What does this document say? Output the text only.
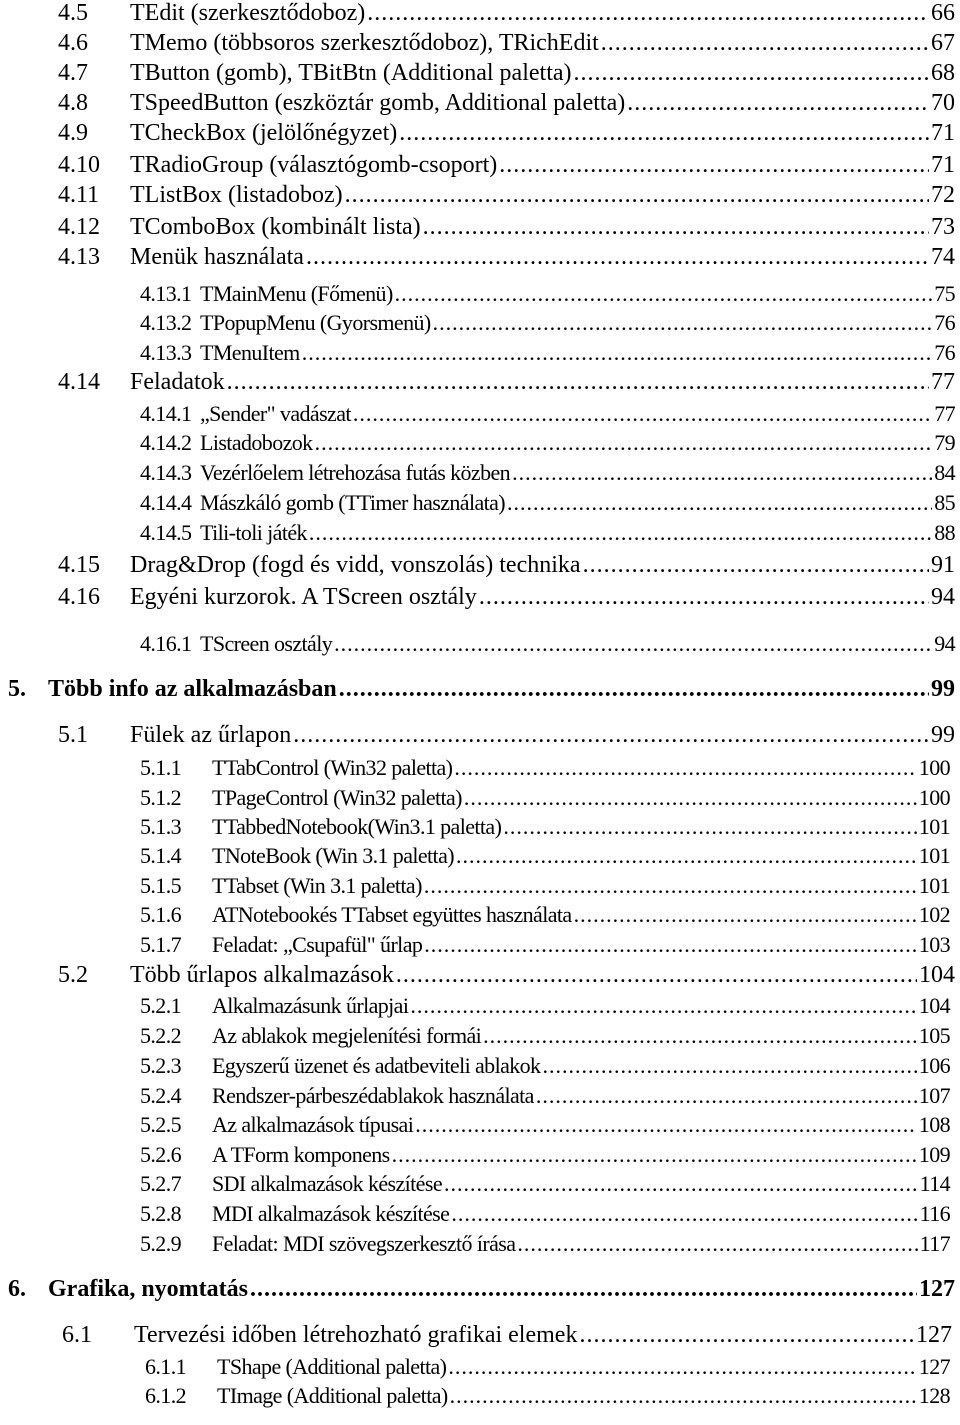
4.5	TEdit (szerkesztődoboz) .....	66
4.6	TMemo (többsoros szerkesztődoboz), TRichEdit .....	67
4.7	TButton (gomb), TBitBtn (Additional paletta) .....	68
4.8	TSpeedButton (eszköztár gomb, Additional paletta) .....	70
4.9	TCheckBox (jelölőnégyzet) .....	71
4.10	TRadioGroup (választógomb-csoport) .....	71
4.11	TListBox (listadoboz) .....	72
4.12	TComboBox (kombinált lista) .....	73
4.13	Menük használata .....	74
4.13.1 TMainMenu (Főmenü) .....	75
4.13.2 TPopupMenu (Gyorsmenü) .....	76
4.13.3 TMenuItem .....	76
4.14	Feladatok .....	77
4.14.1 „Sender" vadászat .....	77
4.14.2 Listadobozok .....	79
4.14.3 Vezérlőelem létrehozása futás közben .....	84
4.14.4 Mászkáló gomb (TTimer használata) .....	85
4.14.5 Tili-toli játék .....	88
4.15	Drag&Drop (fogd és vidd, vonszolás) technika .....	91
4.16	Egyéni kurzorok. A TScreen osztály .....	94
4.16.1 TScreen osztály .....	94
5. Több info az alkalmazásban .....	99
5.1	Fülek az űrlapon .....	99
5.1.1	TTabControl (Win32 paletta) .....	100
5.1.2	TPageControl (Win32 paletta) .....	100
5.1.3	TTabbedNotebook(Win3.1 paletta) .....	101
5.1.4	TNoteBook (Win 3.1 paletta) .....	101
5.1.5	TTabset (Win 3.1 paletta) .....	101
5.1.6	ATNotebookés TTabset együttes használata .....	102
5.1.7	Feladat: „Csupafül" űrlap .....	103
5.2	Több űrlapos alkalmazások .....	104
5.2.1	Alkalmazásunk űrlapjai .....	104
5.2.2	Az ablakok megjelenítési formái .....	105
5.2.3	Egyszerű üzenet és adatbeviteli ablakok .....	106
5.2.4	Rendszer-párbeszédablakok használata .....	107
5.2.5	Az alkalmazások típusai .....	108
5.2.6	A TForm komponens .....	109
5.2.7	SDI alkalmazások készítése .....	114
5.2.8	MDI alkalmazások készítése .....	116
5.2.9	Feladat: MDI szövegszerkesztő írása .....	117
6. Grafika, nyomtatás .....	127
6.1	Tervezési időben létrehozható grafikai elemek .....	127
6.1.1	TShape (Additional paletta) .....	127
6.1.2	TImage (Additional paletta) .....	128
